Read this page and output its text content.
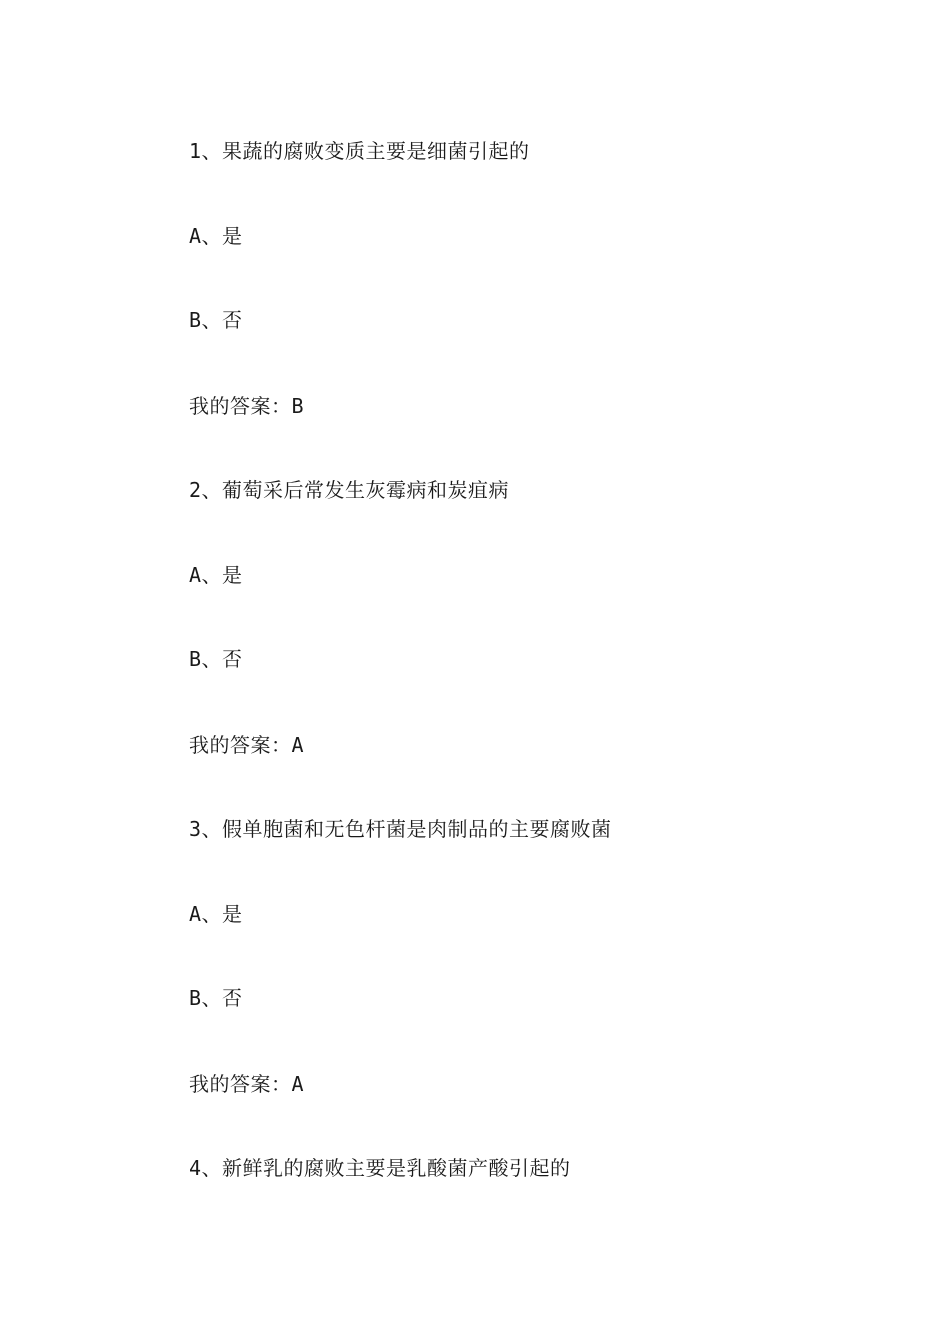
1、果蔬的腐败变质主要是细菌引起的
A、是
B、否
我的答案：B
2、葡萄采后常发生灰霉病和炭疽病
A、是
B、否
我的答案：A
3、假单胞菌和无色杆菌是肉制品的主要腐败菌
A、是
B、否
我的答案：A
4、新鲜乳的腐败主要是乳酸菌产酸引起的
